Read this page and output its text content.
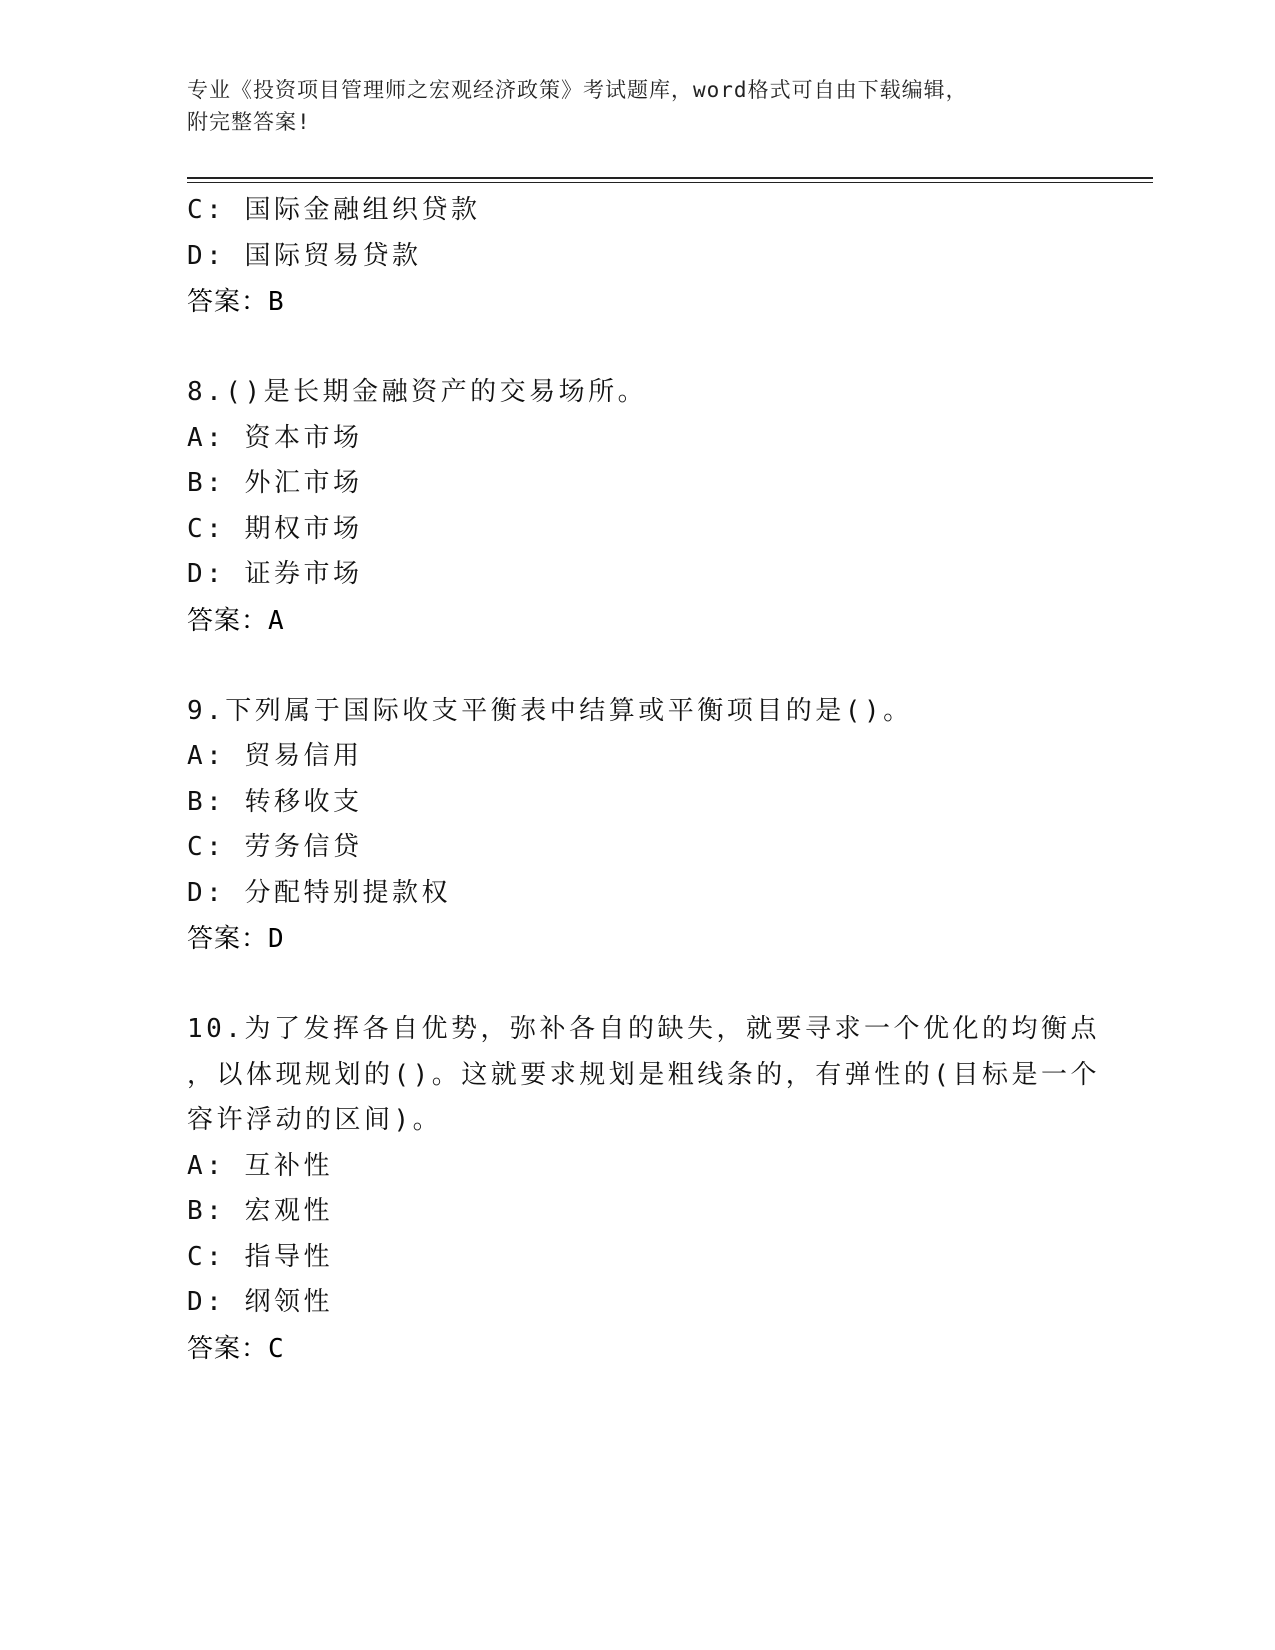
专业《投资项目管理师之宏观经济政策》考试题库，word格式可自由下载编辑，
附完整答案!
C: 国际金融组织贷款
D: 国际贸易贷款
答案：B
8.()是长期金融资产的交易场所。
A: 资本市场
B: 外汇市场
C: 期权市场
D: 证券市场
答案：A
9.下列属于国际收支平衡表中结算或平衡项目的是()。
A: 贸易信用
B: 转移收支
C: 劳务信贷
D: 分配特别提款权
答案：D
10.为了发挥各自优势，弥补各自的缺失，就要寻求一个优化的均衡点
，以体现规划的()。这就要求规划是粗线条的，有弹性的(目标是一个
容许浮动的区间)。
A: 互补性
B: 宏观性
C: 指导性
D: 纲领性
答案：C
